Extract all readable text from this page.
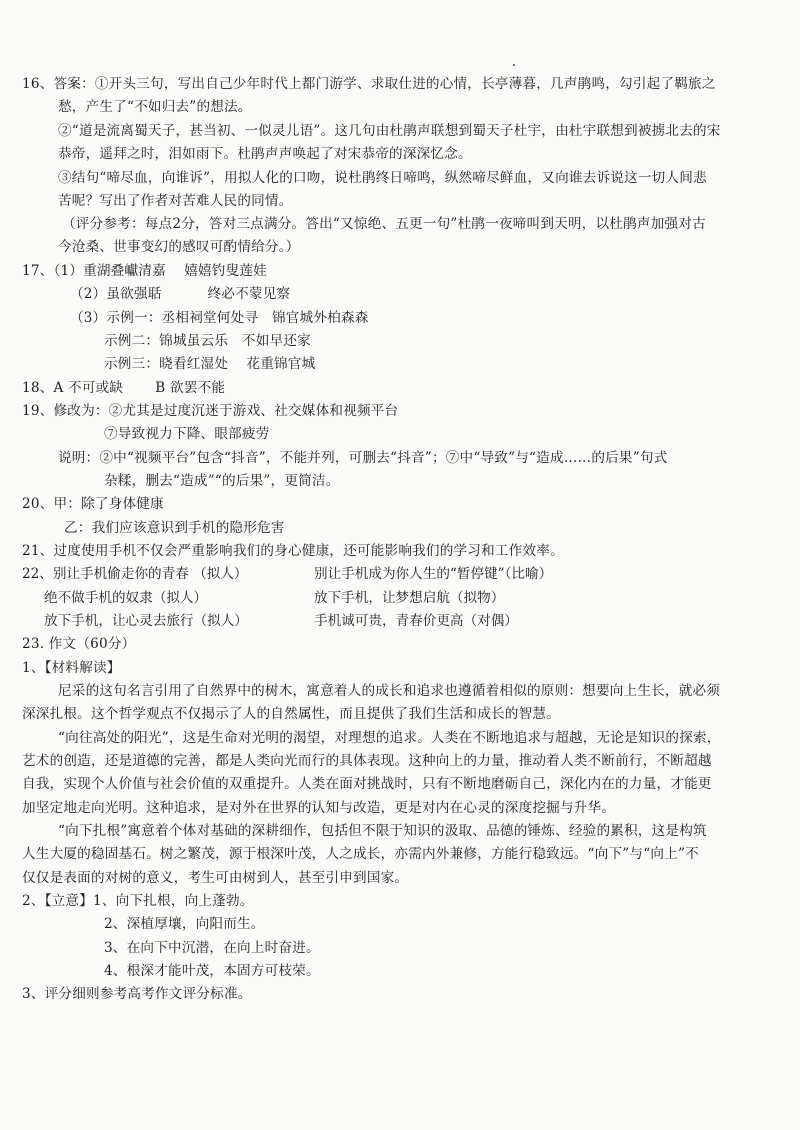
16、答案：①开头三句，写出自己少年时代上都门游学、求取仕进的心情，长亭薄暮，几声鹃鸣，勾引起了羁旅之
愁，产生了“不如归去”的想法。
②“道是流离蜀天子，甚当初、一似灵儿语”。这几句由杜鹃声联想到蜀天子杜宇，由杜宇联想到被掳北去的宋
恭帝，遥拜之时，泪如雨下。杜鹃声声唤起了对宋恭帝的深深忆念。
③结句“啼尽血，向谁诉”，用拟人化的口吻，说杜鹃终日啼鸣，纵然啼尽鲜血，又向谁去诉说这一切人间悲
苦呢？写出了作者对苦难人民的同情。
（评分参考：每点2分，答对三点满分。答出“又惊绝、五更一句”杜鹃一夜啼叫到天明，以杜鹃声加强对古
今沧桑、世事变幻的感叹可酌情给分。）
17、（1）重湖叠巘清嘉　 嬉嬉钓叟莲娃
（2）虽欲强聒　　　 终必不蒙见察
（3）示例一：丞相祠堂何处寻　锦官城外柏森森
示例二：锦城虽云乐　不如早还家
示例三：晓看红湿处　 花重锦官城
18、A 不可或缺　　 B 欲罢不能
19、修改为：②尤其是过度沉迷于游戏、社交媒体和视频平台
⑦导致视力下降、眼部疲劳
说明：②中“视频平台”包含“抖音”，不能并列，可删去“抖音”；⑦中“导致”与“造成……的后果”句式
杂糅，删去“造成”“的后果”，更简洁。
20、甲：除了身体健康
乙：我们应该意识到手机的隐形危害
21、过度使用手机不仅会严重影响我们的身心健康，还可能影响我们的学习和工作效率。
22、别让手机偷走你的青春 （拟人）	别让手机成为你人生的“暂停键”（比喻）
绝不做手机的奴隶（拟人）	放下手机，让梦想启航（拟物）
放下手机，让心灵去旅行（拟人）	手机诚可贵，青春价更高（对偶）
23. 作文（60分）
1、【材料解读】
尼采的这句名言引用了自然界中的树木，寓意着人的成长和追求也遵循着相似的原则：想要向上生长，就必须
深深扎根。这个哲学观点不仅揭示了人的自然属性，而且提供了我们生活和成长的智慧。
“向往高处的阳光”，这是生命对光明的渴望，对理想的追求。人类在不断地追求与超越，无论是知识的探索，
艺术的创造，还是道德的完善，都是人类向光而行的具体表现。这种向上的力量，推动着人类不断前行，不断超越
自我，实现个人价值与社会价值的双重提升。人类在面对挑战时，只有不断地磨砺自己，深化内在的力量，才能更
加坚定地走向光明。这种追求，是对外在世界的认知与改造，更是对内在心灵的深度挖掘与升华。
“向下扎根”寓意着个体对基础的深耕细作，包括但不限于知识的汲取、品德的锤炼、经验的累积，这是构筑
人生大厦的稳固基石。树之繁茂，源于根深叶茂，人之成长，亦需内外兼修，方能行稳致远。“向下”与“向上”不
仅仅是表面的对树的意义，考生可由树到人，甚至引申到国家。
2、【立意】1、向下扎根，向上蓬勃。
2、深植厚壤，向阳而生。
3、在向下中沉潜，在向上时奋进。
4、根深才能叶茂，本固方可枝荣。
3、评分细则参考高考作文评分标准。
